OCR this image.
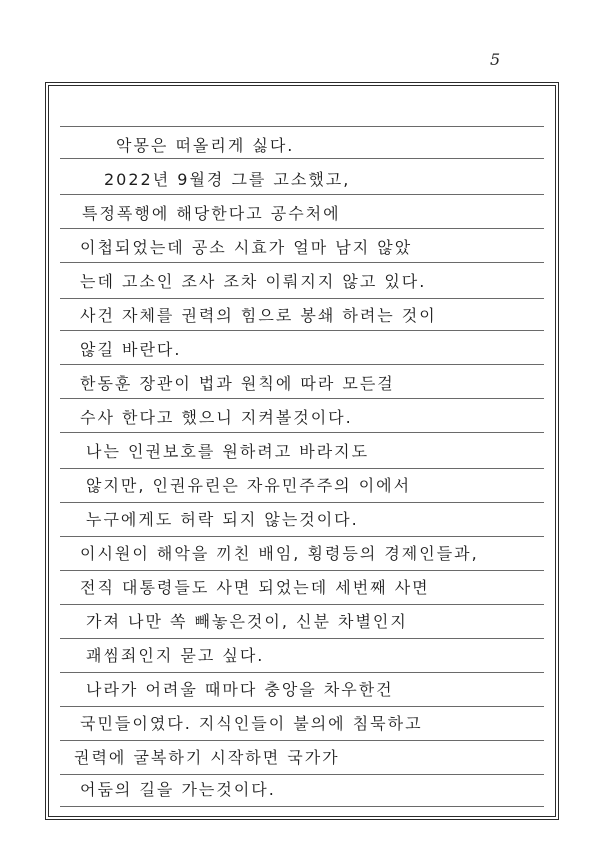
5
악몽은 떠올리게 싫다.
2022년 9월경 그를 고소했고,
특정폭행에 해당한다고 공수처에
이첩되었는데 공소 시효가 얼마 남지 않았
는데 고소인 조사 조차 이뤄지지 않고 있다.
사건 자체를 권력의 힘으로 봉쇄 하려는 것이
않길 바란다.
한동훈 장관이 법과 원칙에 따라 모든걸
수사 한다고 했으니 지켜볼것이다.
나는 인권보호를 원하려고 바라지도
않지만, 인권유린은 자유민주주의 이에서
누구에게도 허락 되지 않는것이다.
이시원이 해악을 끼친 배임, 횡령등의 경제인들과,
전직 대통령들도 사면 되었는데 세번째 사면
가져 나만 쏙 빼놓은것이, 신분 차별인지
괘씸죄인지 묻고 싶다.
나라가 어려울 때마다 충앙을 차우한건
국민들이였다. 지식인들이 불의에 침묵하고
권력에 굴복하기 시작하면 국가가
어둠의 길을 가는것이다.
